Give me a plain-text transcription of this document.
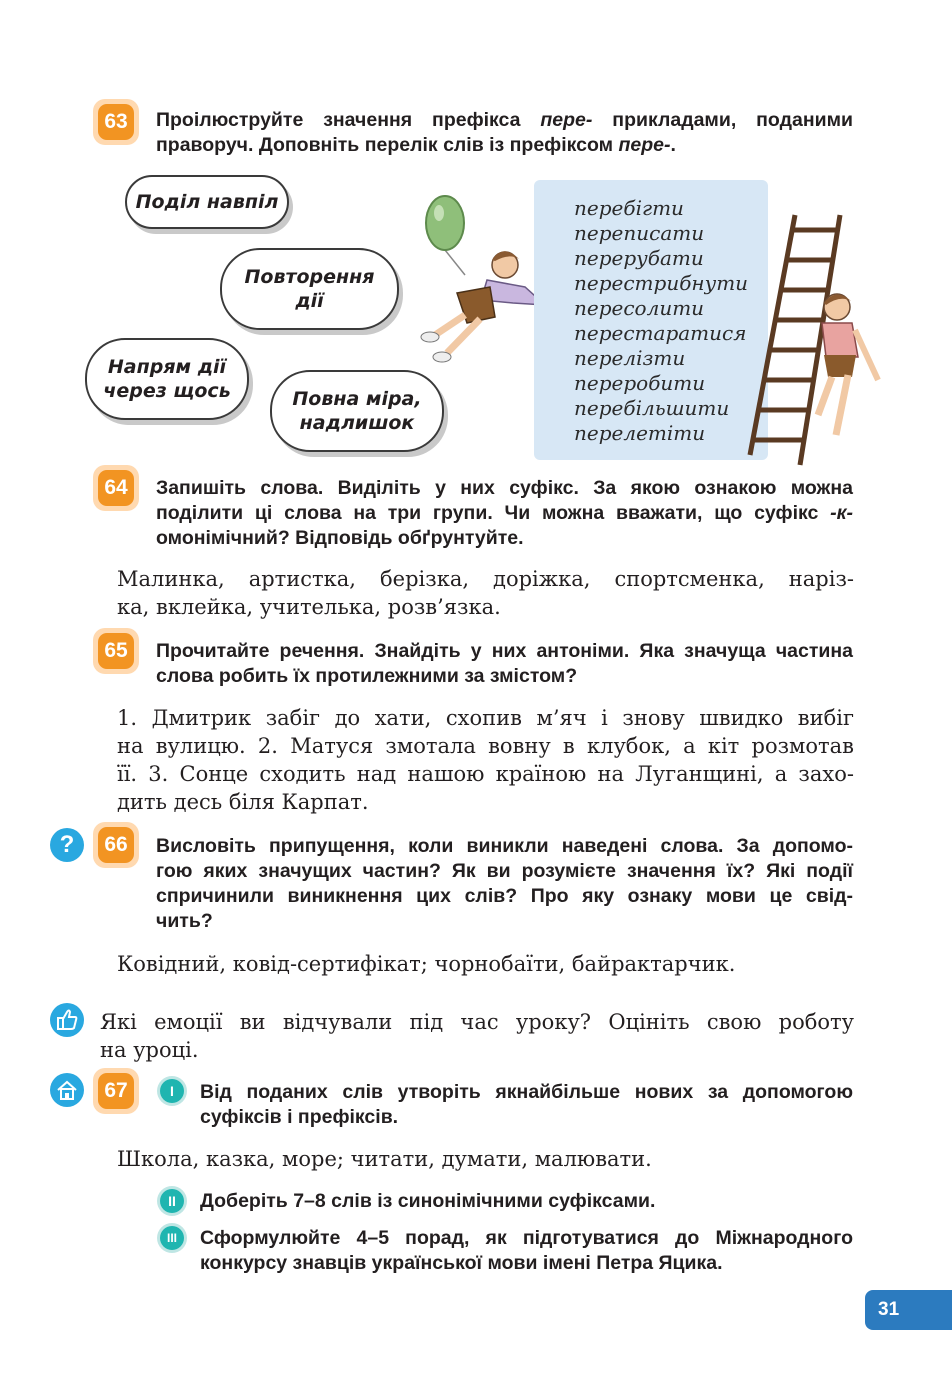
63	Проілюструйте значення префікса пере- прикладами, поданими
праворуч. Доповніть перелік слів із префіксом пере-.
Поділ навпіл
Повторення дії
Напрям дії через щось	Повна міра, надлишок
перебігти
переписати
перерубати
перестрибнути
пересолити
перестаратися
перелізти
переробити
перебільшити
перелетіти
64	Запишіть слова. Виділіть у них суфікс. За якою ознакою можна
поділити ці слова на три групи. Чи можна вважати, що суфікс -к-
омонімічний? Відповідь обґрунтуйте.
Малинка, артистка, берізка, доріжка, спортсменка, наріз-
ка, вклейка, учителька, розв’язка.
65	Прочитайте речення. Знайдіть у них антоніми. Яка значуща частина
слова робить їх протилежними за змістом?
1. Дмитрик забіг до хати, схопив м’яч і знову швидко вибіг
на вулицю. 2. Матуся змотала вовну в клубок, а кіт розмотав
її. 3. Сонце сходить над нашою країною на Луганщині, а захо-
дить десь біля Карпат.
?	66	Висловіть припущення, коли виникли наведені слова. За допомо-
гою яких значущих частин? Як ви розумієте значення їх? Які події
спричинили виникнення цих слів? Про яку ознаку мови це свід-
чить?
Ковідний, ковід-сертифікат; чорнобаїти, байрактарчик.
Які емоції ви відчували під час уроку? Оцініть свою роботу
на уроці.
67	I	Від поданих слів утворіть якнайбільше нових за допомогою
суфіксів і префіксів.
Школа, казка, море; читати, думати, малювати.
II	Доберіть 7–8 слів із синонімічними суфіксами.
III	Сформулюйте 4–5 порад, як підготуватися до Міжнародного
конкурсу знавців української мови імені Петра Яцика.
31
